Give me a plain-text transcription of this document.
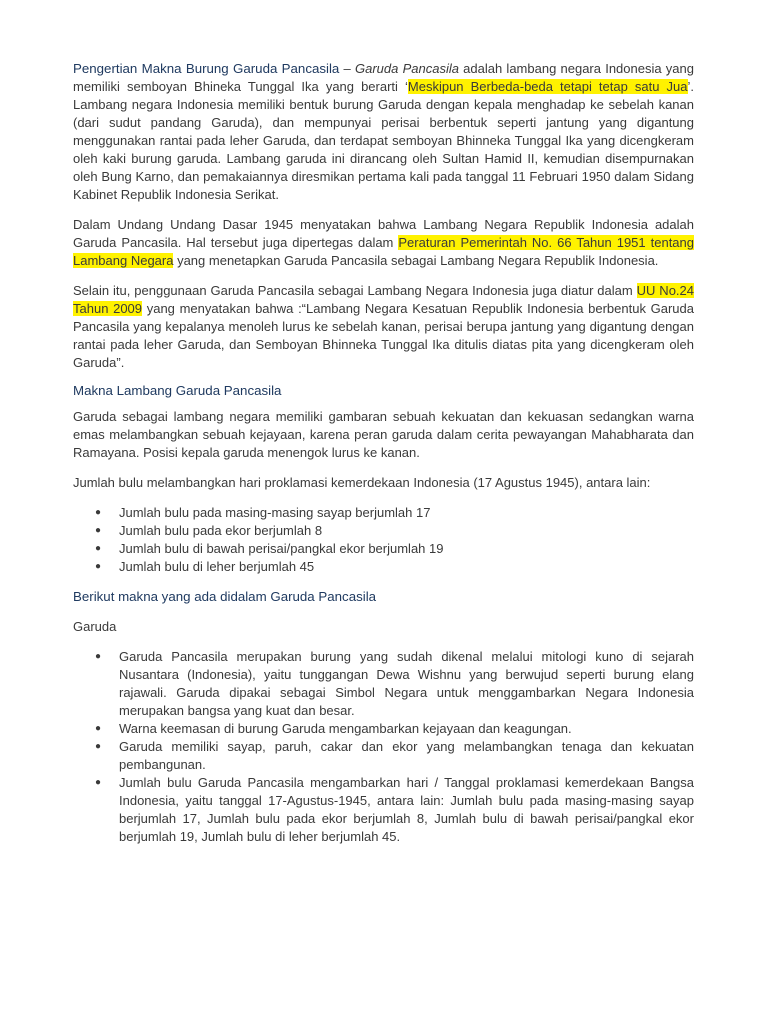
Pengertian Makna Burung Garuda Pancasila – Garuda Pancasila adalah lambang negara Indonesia yang memiliki semboyan Bhineka Tunggal Ika yang berarti ‘Meskipun Berbeda-beda tetapi tetap satu Jua’. Lambang negara Indonesia memiliki bentuk burung Garuda dengan kepala menghadap ke sebelah kanan (dari sudut pandang Garuda), dan mempunyai perisai berbentuk seperti jantung yang digantung menggunakan rantai pada leher Garuda, dan terdapat semboyan Bhinneka Tunggal Ika yang dicengkeram oleh kaki burung garuda. Lambang garuda ini dirancang oleh Sultan Hamid II, kemudian disempurnakan oleh Bung Karno, dan pemakaiannya diresmikan pertama kali pada tanggal 11 Februari 1950 dalam Sidang Kabinet Republik Indonesia Serikat.

Dalam Undang Undang Dasar 1945 menyatakan bahwa Lambang Negara Republik Indonesia adalah Garuda Pancasila. Hal tersebut juga dipertegas dalam Peraturan Pemerintah No. 66 Tahun 1951 tentang Lambang Negara yang menetapkan Garuda Pancasila sebagai Lambang Negara Republik Indonesia.

Selain itu, penggunaan Garuda Pancasila sebagai Lambang Negara Indonesia juga diatur dalam UU No.24 Tahun 2009 yang menyatakan bahwa :“Lambang Negara Kesatuan Republik Indonesia berbentuk Garuda Pancasila yang kepalanya menoleh lurus ke sebelah kanan, perisai berupa jantung yang digantung dengan rantai pada leher Garuda, dan Semboyan Bhinneka Tunggal Ika ditulis diatas pita yang dicengkeram oleh Garuda”.

Makna Lambang Garuda Pancasila

Garuda sebagai lambang negara memiliki gambaran sebuah kekuatan dan kekuasan sedangkan warna emas melambangkan sebuah kejayaan, karena peran garuda dalam cerita pewayangan Mahabharata dan Ramayana. Posisi kepala garuda menengok lurus ke kanan.

Jumlah bulu melambangkan hari proklamasi kemerdekaan Indonesia (17 Agustus 1945), antara lain:

● Jumlah bulu pada masing-masing sayap berjumlah 17
● Jumlah bulu pada ekor berjumlah 8
● Jumlah bulu di bawah perisai/pangkal ekor berjumlah 19
● Jumlah bulu di leher berjumlah 45

Berikut makna yang ada didalam Garuda Pancasila

Garuda

● Garuda Pancasila merupakan burung yang sudah dikenal melalui mitologi kuno di sejarah Nusantara (Indonesia), yaitu tunggangan Dewa Wishnu yang berwujud seperti burung elang rajawali. Garuda dipakai sebagai Simbol Negara untuk menggambarkan Negara Indonesia merupakan bangsa yang kuat dan besar.
● Warna keemasan di burung Garuda mengambarkan kejayaan dan keagungan.
● Garuda memiliki sayap, paruh, cakar dan ekor yang melambangkan tenaga dan kekuatan pembangunan.
● Jumlah bulu Garuda Pancasila mengambarkan hari / Tanggal proklamasi kemerdekaan Bangsa Indonesia, yaitu tanggal 17-Agustus-1945, antara lain: Jumlah bulu pada masing-masing sayap berjumlah 17, Jumlah bulu pada ekor berjumlah 8, Jumlah bulu di bawah perisai/pangkal ekor berjumlah 19, Jumlah bulu di leher berjumlah 45.
